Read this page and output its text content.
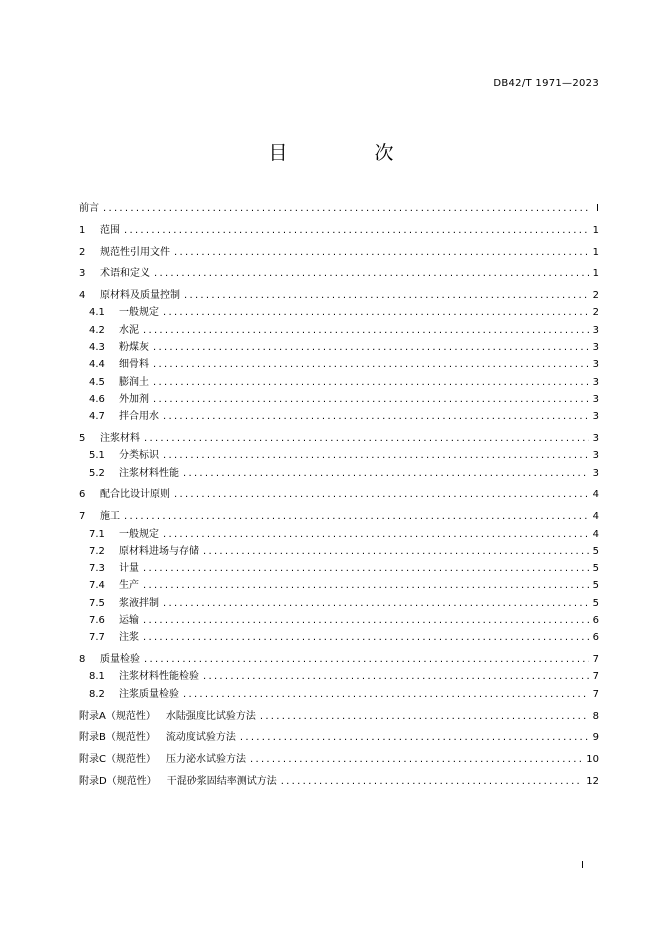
DB42/T 1971—2023
目　次
前言 .....	I
1	范围 .....	1
2	规范性引用文件 .....	1
3	术语和定义 .....	1
4	原材料及质量控制 .....	2
4.1	一般规定 .....	2
4.2	水泥 .....	3
4.3	粉煤灰 .....	3
4.4	细骨料 .....	3
4.5	膨润土 .....	3
4.6	外加剂 .....	3
4.7	拌合用水 .....	3
5	注浆材料 .....	3
5.1	分类标识 .....	3
5.2	注浆材料性能 .....	3
6	配合比设计原则 .....	4
7	施工 .....	4
7.1	一般规定 .....	4
7.2	原材料进场与存储 .....	5
7.3	计量 .....	5
7.4	生产 .....	5
7.5	浆液拌制 .....	5
7.6	运输 .....	6
7.7	注浆 .....	6
8	质量检验 .....	7
8.1	注浆材料性能检验 .....	7
8.2	注浆质量检验 .....	7
附录A（规范性） 水陆强度比试验方法 .....	8
附录B（规范性） 流动度试验方法 .....	9
附录C（规范性） 压力泌水试验方法 .....	10
附录D（规范性） 干混砂浆固结率测试方法 .....	12
I
